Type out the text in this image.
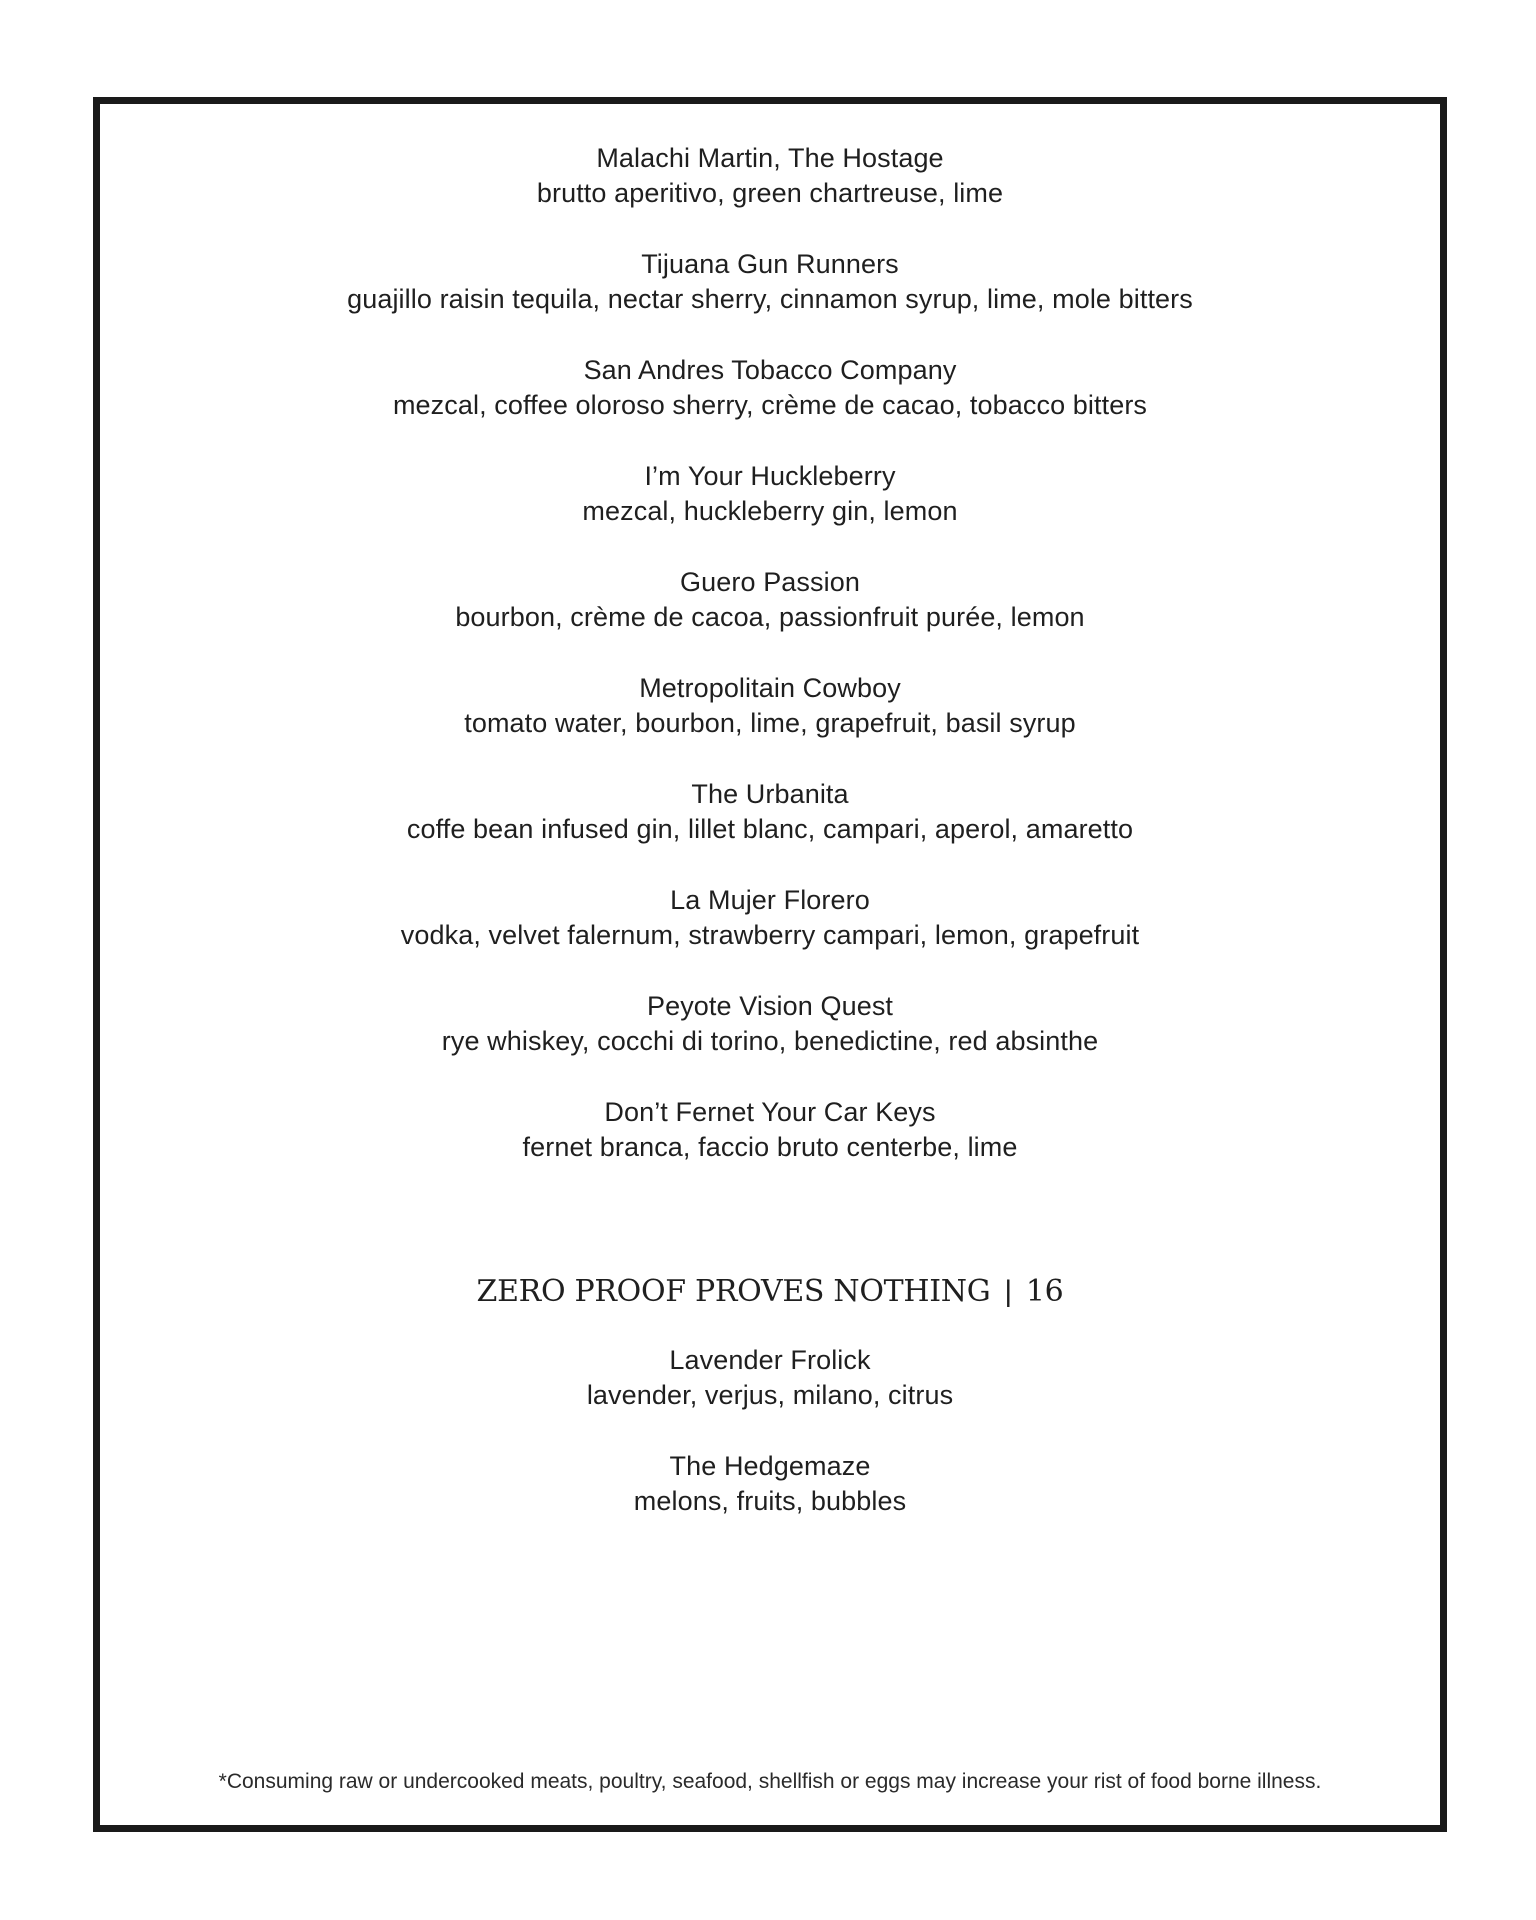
Malachi Martin, The Hostage
brutto aperitivo, green chartreuse, lime
Tijuana Gun Runners
guajillo raisin tequila, nectar sherry, cinnamon syrup, lime, mole bitters
San Andres Tobacco Company
mezcal, coffee oloroso sherry, crème de cacao, tobacco bitters
I’m Your Huckleberry
mezcal, huckleberry gin, lemon
Guero Passion
bourbon, crème de cacoa, passionfruit purée, lemon
Metropolitain Cowboy
tomato water, bourbon, lime, grapefruit, basil syrup
The Urbanita
coffe bean infused gin, lillet blanc, campari, aperol, amaretto
La Mujer Florero
vodka, velvet falernum, strawberry campari, lemon, grapefruit
Peyote Vision Quest
rye whiskey, cocchi di torino, benedictine, red absinthe
Don’t Fernet Your Car Keys
fernet branca, faccio bruto centerbe, lime
ZERO PROOF PROVES NOTHING | 16
Lavender Frolick
lavender, verjus, milano, citrus
The Hedgemaze
melons, fruits, bubbles
*Consuming raw or undercooked meats, poultry, seafood, shellfish or eggs may increase your rist of food borne illness.
